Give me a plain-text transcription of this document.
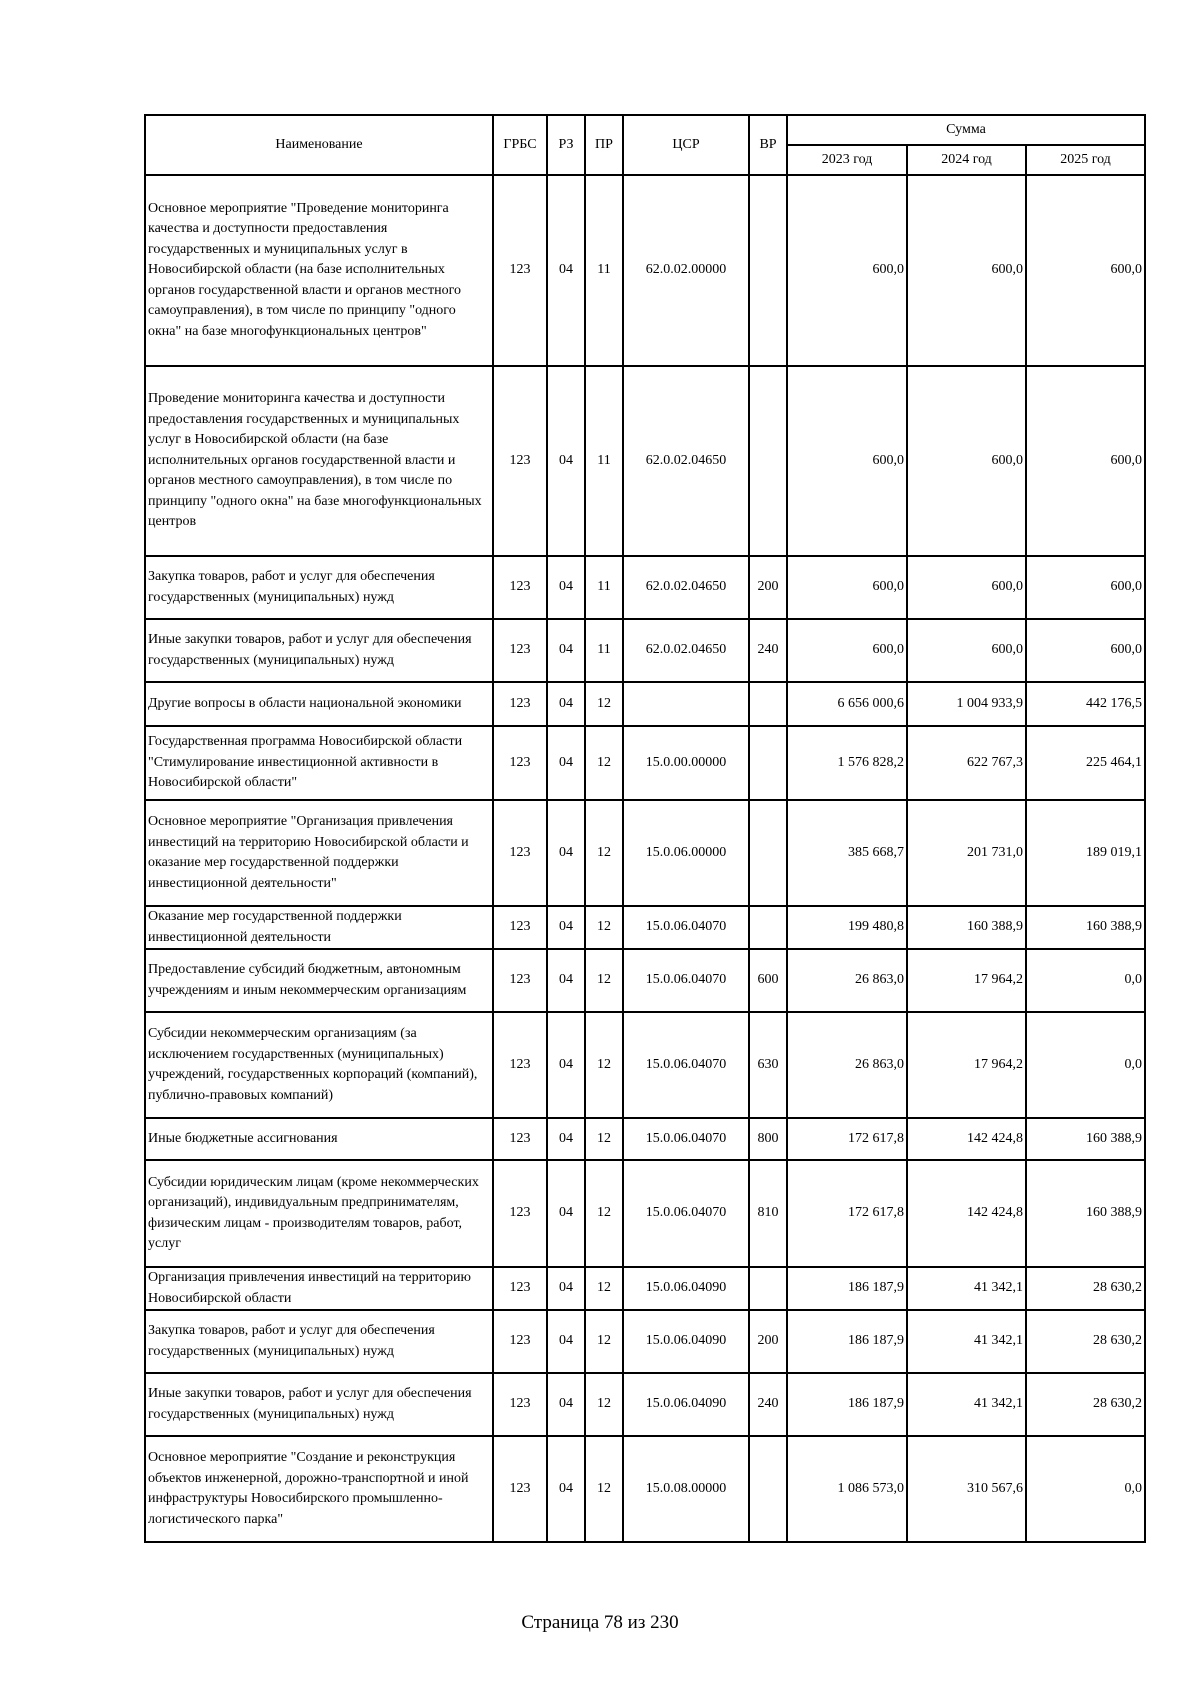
Наименование	ГРБС	РЗ	ПР	ЦСР	ВР	Сумма		
						2023 год	2024 год	2025 год
Основное мероприятие "Проведение мониторинга качества и доступности предоставления государственных и муниципальных услуг в Новосибирской области (на базе исполнительных органов государственной власти и органов местного самоуправления), в том числе по принципу "одного окна" на базе многофункциональных центров"	123	04	11	62.0.02.00000		600,0	600,0	600,0
Проведение мониторинга качества и доступности предоставления государственных и муниципальных услуг в Новосибирской области (на базе исполнительных органов государственной власти и органов местного самоуправления), в том числе по принципу "одного окна" на базе многофункциональных центров	123	04	11	62.0.02.04650		600,0	600,0	600,0
Закупка товаров, работ и услуг для обеспечения государственных (муниципальных) нужд	123	04	11	62.0.02.04650	200	600,0	600,0	600,0
Иные закупки товаров, работ и услуг для обеспечения государственных (муниципальных) нужд	123	04	11	62.0.02.04650	240	600,0	600,0	600,0
Другие вопросы в области национальной экономики	123	04	12			6 656 000,6	1 004 933,9	442 176,5
Государственная программа Новосибирской области "Стимулирование инвестиционной активности в Новосибирской области"	123	04	12	15.0.00.00000		1 576 828,2	622 767,3	225 464,1
Основное мероприятие "Организация привлечения инвестиций на территорию Новосибирской области и оказание мер государственной поддержки инвестиционной деятельности"	123	04	12	15.0.06.00000		385 668,7	201 731,0	189 019,1
Оказание мер государственной поддержки инвестиционной деятельности	123	04	12	15.0.06.04070		199 480,8	160 388,9	160 388,9
Предоставление субсидий бюджетным, автономным учреждениям и иным некоммерческим организациям	123	04	12	15.0.06.04070	600	26 863,0	17 964,2	0,0
Субсидии некоммерческим организациям (за исключением государственных (муниципальных) учреждений, государственных корпораций (компаний), публично-правовых компаний)	123	04	12	15.0.06.04070	630	26 863,0	17 964,2	0,0
Иные бюджетные ассигнования	123	04	12	15.0.06.04070	800	172 617,8	142 424,8	160 388,9
Субсидии юридическим лицам (кроме некоммерческих организаций), индивидуальным предпринимателям, физическим лицам - производителям товаров, работ, услуг	123	04	12	15.0.06.04070	810	172 617,8	142 424,8	160 388,9
Организация привлечения инвестиций на территорию Новосибирской области	123	04	12	15.0.06.04090		186 187,9	41 342,1	28 630,2
Закупка товаров, работ и услуг для обеспечения государственных (муниципальных) нужд	123	04	12	15.0.06.04090	200	186 187,9	41 342,1	28 630,2
Иные закупки товаров, работ и услуг для обеспечения государственных (муниципальных) нужд	123	04	12	15.0.06.04090	240	186 187,9	41 342,1	28 630,2
Основное мероприятие "Создание и реконструкция объектов инженерной, дорожно-транспортной и иной инфраструктуры Новосибирского промышленно-логистического парка"	123	04	12	15.0.08.00000		1 086 573,0	310 567,6	0,0
Страница 78 из 230
